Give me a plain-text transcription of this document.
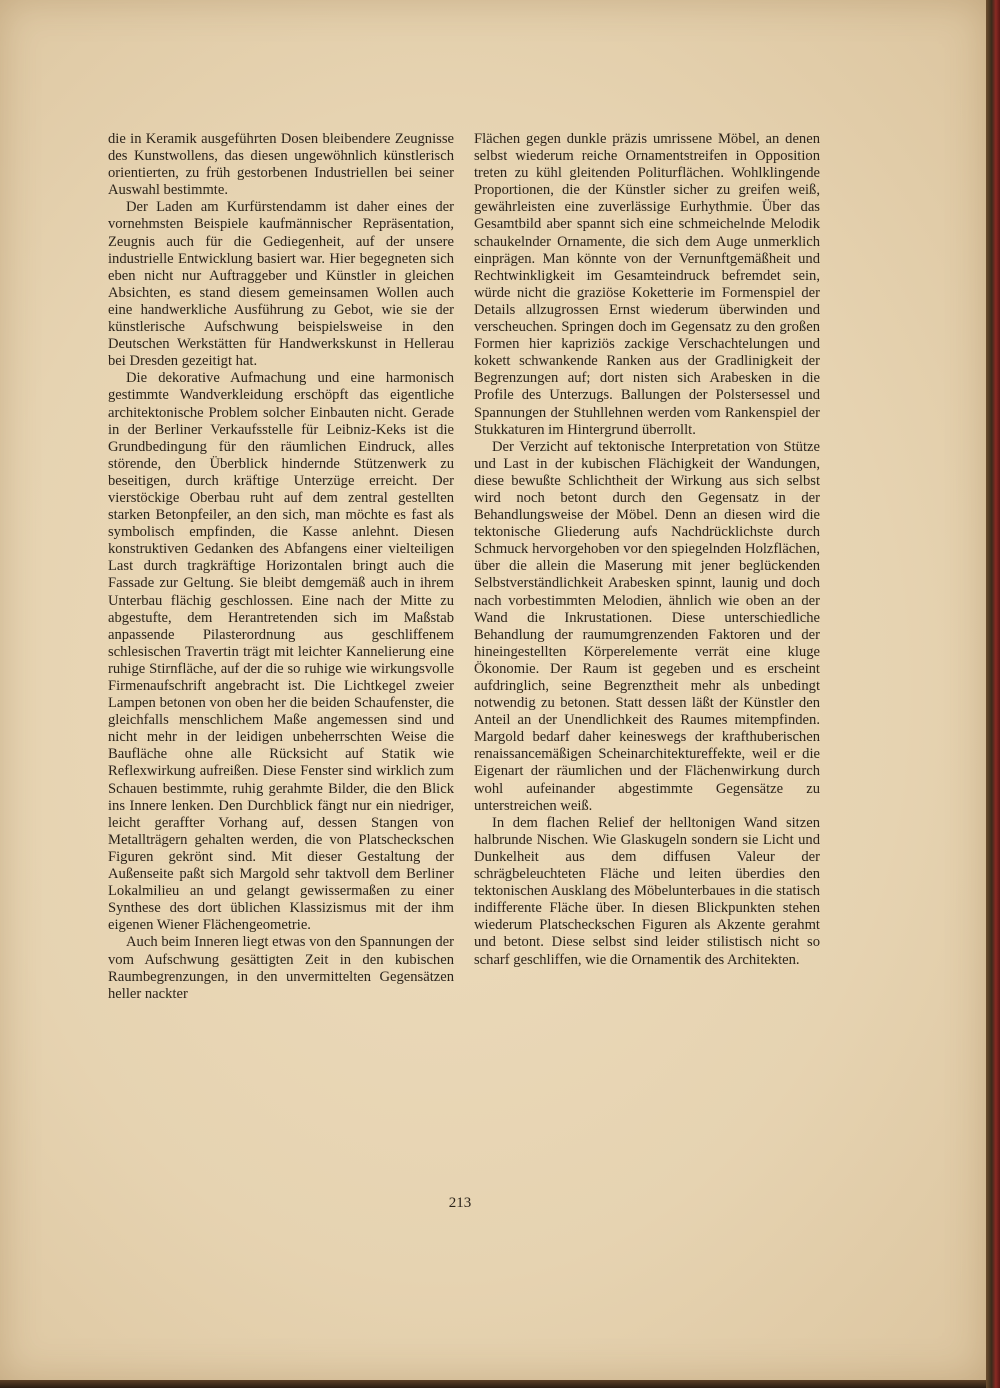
die in Keramik ausgeführten Dosen bleibendere Zeugnisse des Kunstwollens, das diesen ungewöhnlich künstlerisch orientierten, zu früh gestorbenen Industriellen bei seiner Auswahl bestimmte.

Der Laden am Kurfürstendamm ist daher eines der vornehmsten Beispiele kaufmännischer Repräsentation, Zeugnis auch für die Gediegenheit, auf der unsere industrielle Entwicklung basiert war. Hier begegneten sich eben nicht nur Auftraggeber und Künstler in gleichen Absichten, es stand diesem gemeinsamen Wollen auch eine handwerkliche Ausführung zu Gebot, wie sie der künstlerische Aufschwung beispielsweise in den Deutschen Werkstätten für Handwerkskunst in Hellerau bei Dresden gezeitigt hat.

Die dekorative Aufmachung und eine harmonisch gestimmte Wandverkleidung erschöpft das eigentliche architektonische Problem solcher Einbauten nicht. Gerade in der Berliner Verkaufsstelle für Leibniz-Keks ist die Grundbedingung für den räumlichen Eindruck, alles störende, den Überblick hindernde Stützenwerk zu beseitigen, durch kräftige Unterzüge erreicht. Der vierstöckige Oberbau ruht auf dem zentral gestellten starken Betonpfeiler, an den sich, man möchte es fast als symbolisch empfinden, die Kasse anlehnt. Diesen konstruktiven Gedanken des Abfangens einer vielteiligen Last durch tragkräftige Horizontalen bringt auch die Fassade zur Geltung. Sie bleibt demgemäß auch in ihrem Unterbau flächig geschlossen. Eine nach der Mitte zu abgestufte, dem Herantretenden sich im Maßstab anpassende Pilasterordnung aus geschliffenem schlesischen Travertin trägt mit leichter Kannelierung eine ruhige Stirnfläche, auf der die so ruhige wie wirkungsvolle Firmenaufschrift angebracht ist. Die Lichtkegel zweier Lampen betonen von oben her die beiden Schaufenster, die gleichfalls menschlichem Maße angemessen sind und nicht mehr in der leidigen unbeherrschten Weise die Baufläche ohne alle Rücksicht auf Statik wie Reflexwirkung aufreißen. Diese Fenster sind wirklich zum Schauen bestimmte, ruhig gerahmte Bilder, die den Blick ins Innere lenken. Den Durchblick fängt nur ein niedriger, leicht geraffter Vorhang auf, dessen Stangen von Metallträgern gehalten werden, die von Platscheckschen Figuren gekrönt sind. Mit dieser Gestaltung der Außenseite paßt sich Margold sehr taktvoll dem Berliner Lokalmilieu an und gelangt gewissermaßen zu einer Synthese des dort üblichen Klassizismus mit der ihm eigenen Wiener Flächengeometrie.

Auch beim Inneren liegt etwas von den Spannungen der vom Aufschwung gesättigten Zeit in den kubischen Raumbegrenzungen, in den unvermittelten Gegensätzen heller nackter

Flächen gegen dunkle präzis umrissene Möbel, an denen selbst wiederum reiche Ornamentstreifen in Opposition treten zu kühl gleitenden Politurflächen. Wohlklingende Proportionen, die der Künstler sicher zu greifen weiß, gewährleisten eine zuverlässige Eurhythmie. Über das Gesamtbild aber spannt sich eine schmeichelnde Melodik schaukelnder Ornamente, die sich dem Auge unmerklich einprägen. Man könnte von der Vernunftgemäßheit und Rechtwinkligkeit im Gesamteindruck befremdet sein, würde nicht die graziöse Koketterie im Formenspiel der Details allzugrossen Ernst wiederum überwinden und verscheuchen. Springen doch im Gegensatz zu den großen Formen hier kapriziös zackige Verschachtelungen und kokett schwankende Ranken aus der Gradlinigkeit der Begrenzungen auf; dort nisten sich Arabesken in die Profile des Unterzugs. Ballungen der Polstersessel und Spannungen der Stuhllehnen werden vom Rankenspiel der Stukkaturen im Hintergrund überrollt.

Der Verzicht auf tektonische Interpretation von Stütze und Last in der kubischen Flächigkeit der Wandungen, diese bewußte Schlichtheit der Wirkung aus sich selbst wird noch betont durch den Gegensatz in der Behandlungsweise der Möbel. Denn an diesen wird die tektonische Gliederung aufs Nachdrücklichste durch Schmuck hervorgehoben vor den spiegelnden Holzflächen, über die allein die Maserung mit jener beglückenden Selbstverständlichkeit Arabesken spinnt, launig und doch nach vorbestimmten Melodien, ähnlich wie oben an der Wand die Inkrustationen. Diese unterschiedliche Behandlung der raumumgrenzenden Faktoren und der hineingestellten Körperelemente verrät eine kluge Ökonomie. Der Raum ist gegeben und es erscheint aufdringlich, seine Begrenztheit mehr als unbedingt notwendig zu betonen. Statt dessen läßt der Künstler den Anteil an der Unendlichkeit des Raumes mitempfinden. Margold bedarf daher keineswegs der krafthuberischen renaissancemäßigen Scheinarchitektureffekte, weil er die Eigenart der räumlichen und der Flächenwirkung durch wohl aufeinander abgestimmte Gegensätze zu unterstreichen weiß.

In dem flachen Relief der helltonigen Wand sitzen halbrunde Nischen. Wie Glaskugeln sondern sie Licht und Dunkelheit aus dem diffusen Valeur der schrägbeleuchteten Fläche und leiten überdies den tektonischen Ausklang des Möbelunterbaues in die statisch indifferente Fläche über. In diesen Blickpunkten stehen wiederum Platscheckschen Figuren als Akzente gerahmt und betont. Diese selbst sind leider stilistisch nicht so scharf geschliffen, wie die Ornamentik des Architekten.

213
